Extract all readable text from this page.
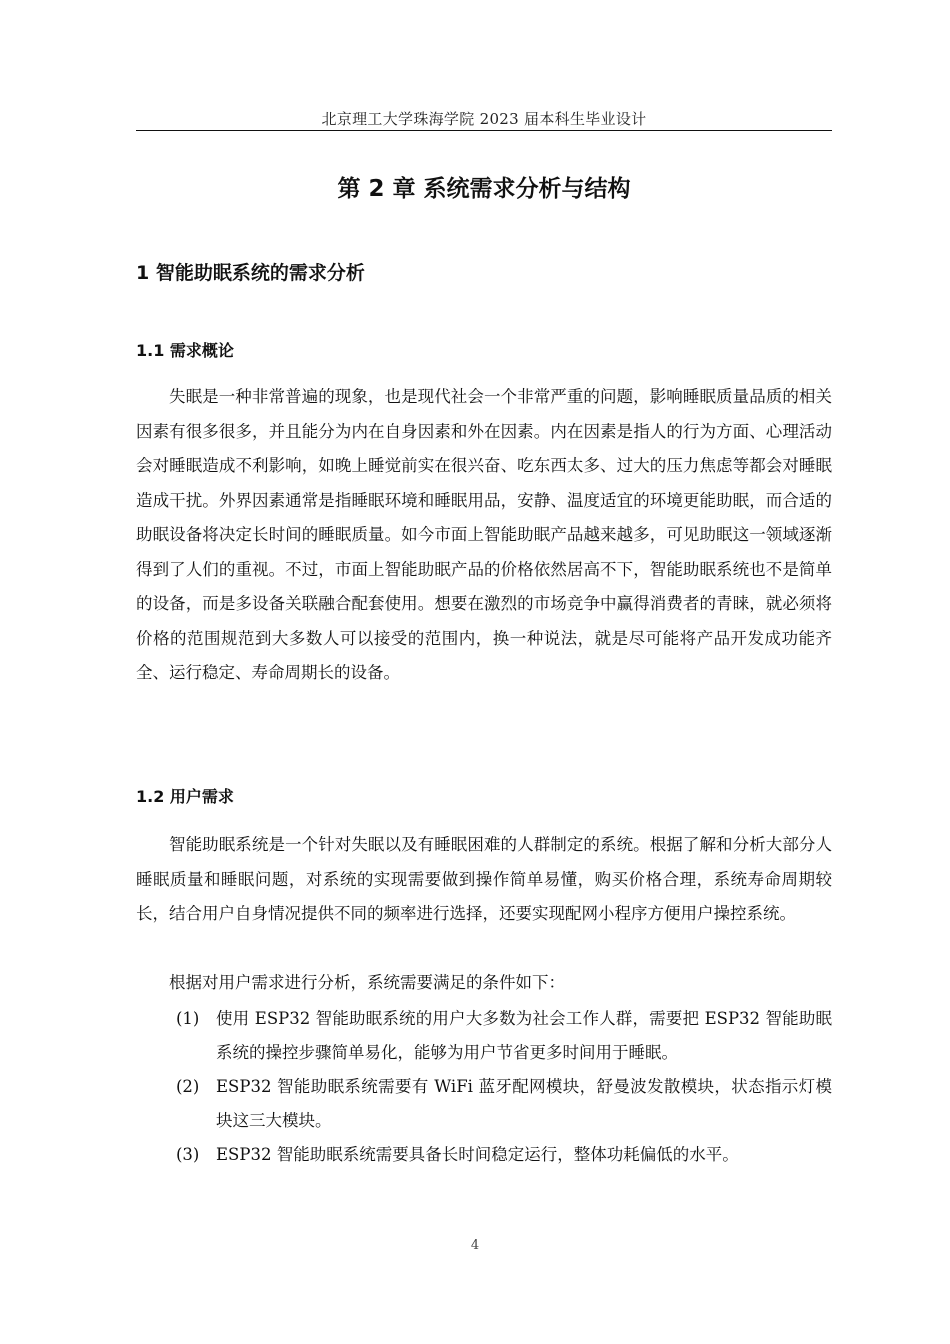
北京理工大学珠海学院 2023 届本科生毕业设计
第 2 章 系统需求分析与结构
1 智能助眠系统的需求分析
1.1 需求概论

失眠是一种非常普遍的现象，也是现代社会一个非常严重的问题，影响睡眠质量品质的相关因素有很多很多，并且能分为内在自身因素和外在因素。内在因素是指人的行为方面、心理活动会对睡眠造成不利影响，如晚上睡觉前实在很兴奋、吃东西太多、过大的压力焦虑等都会对睡眠造成干扰。外界因素通常是指睡眠环境和睡眠用品，安静、温度适宜的环境更能助眠，而合适的助眠设备将决定长时间的睡眠质量。如今市面上智能助眠产品越来越多，可见助眠这一领域逐渐得到了人们的重视。不过，市面上智能助眠产品的价格依然居高不下，智能助眠系统也不是简单的设备，而是多设备关联融合配套使用。想要在激烈的市场竞争中赢得消费者的青睐，就必须将价格的范围规范到大多数人可以接受的范围内，换一种说法，就是尽可能将产品开发成功能齐全、运行稳定、寿命周期长的设备。

1.2 用户需求

智能助眠系统是一个针对失眠以及有睡眠困难的人群制定的系统。根据了解和分析大部分人睡眠质量和睡眠问题，对系统的实现需要做到操作简单易懂，购买价格合理，系统寿命周期较长，结合用户自身情况提供不同的频率进行选择，还要实现配网小程序方便用户操控系统。

根据对用户需求进行分析，系统需要满足的条件如下：

(1)	使用 ESP32 智能助眠系统的用户大多数为社会工作人群，需要把 ESP32 智能助眠系统的操控步骤简单易化，能够为用户节省更多时间用于睡眠。
(2)	ESP32 智能助眠系统需要有 WiFi 蓝牙配网模块，舒曼波发散模块，状态指示灯模块这三大模块。
(3)	ESP32 智能助眠系统需要具备长时间稳定运行，整体功耗偏低的水平。
4
